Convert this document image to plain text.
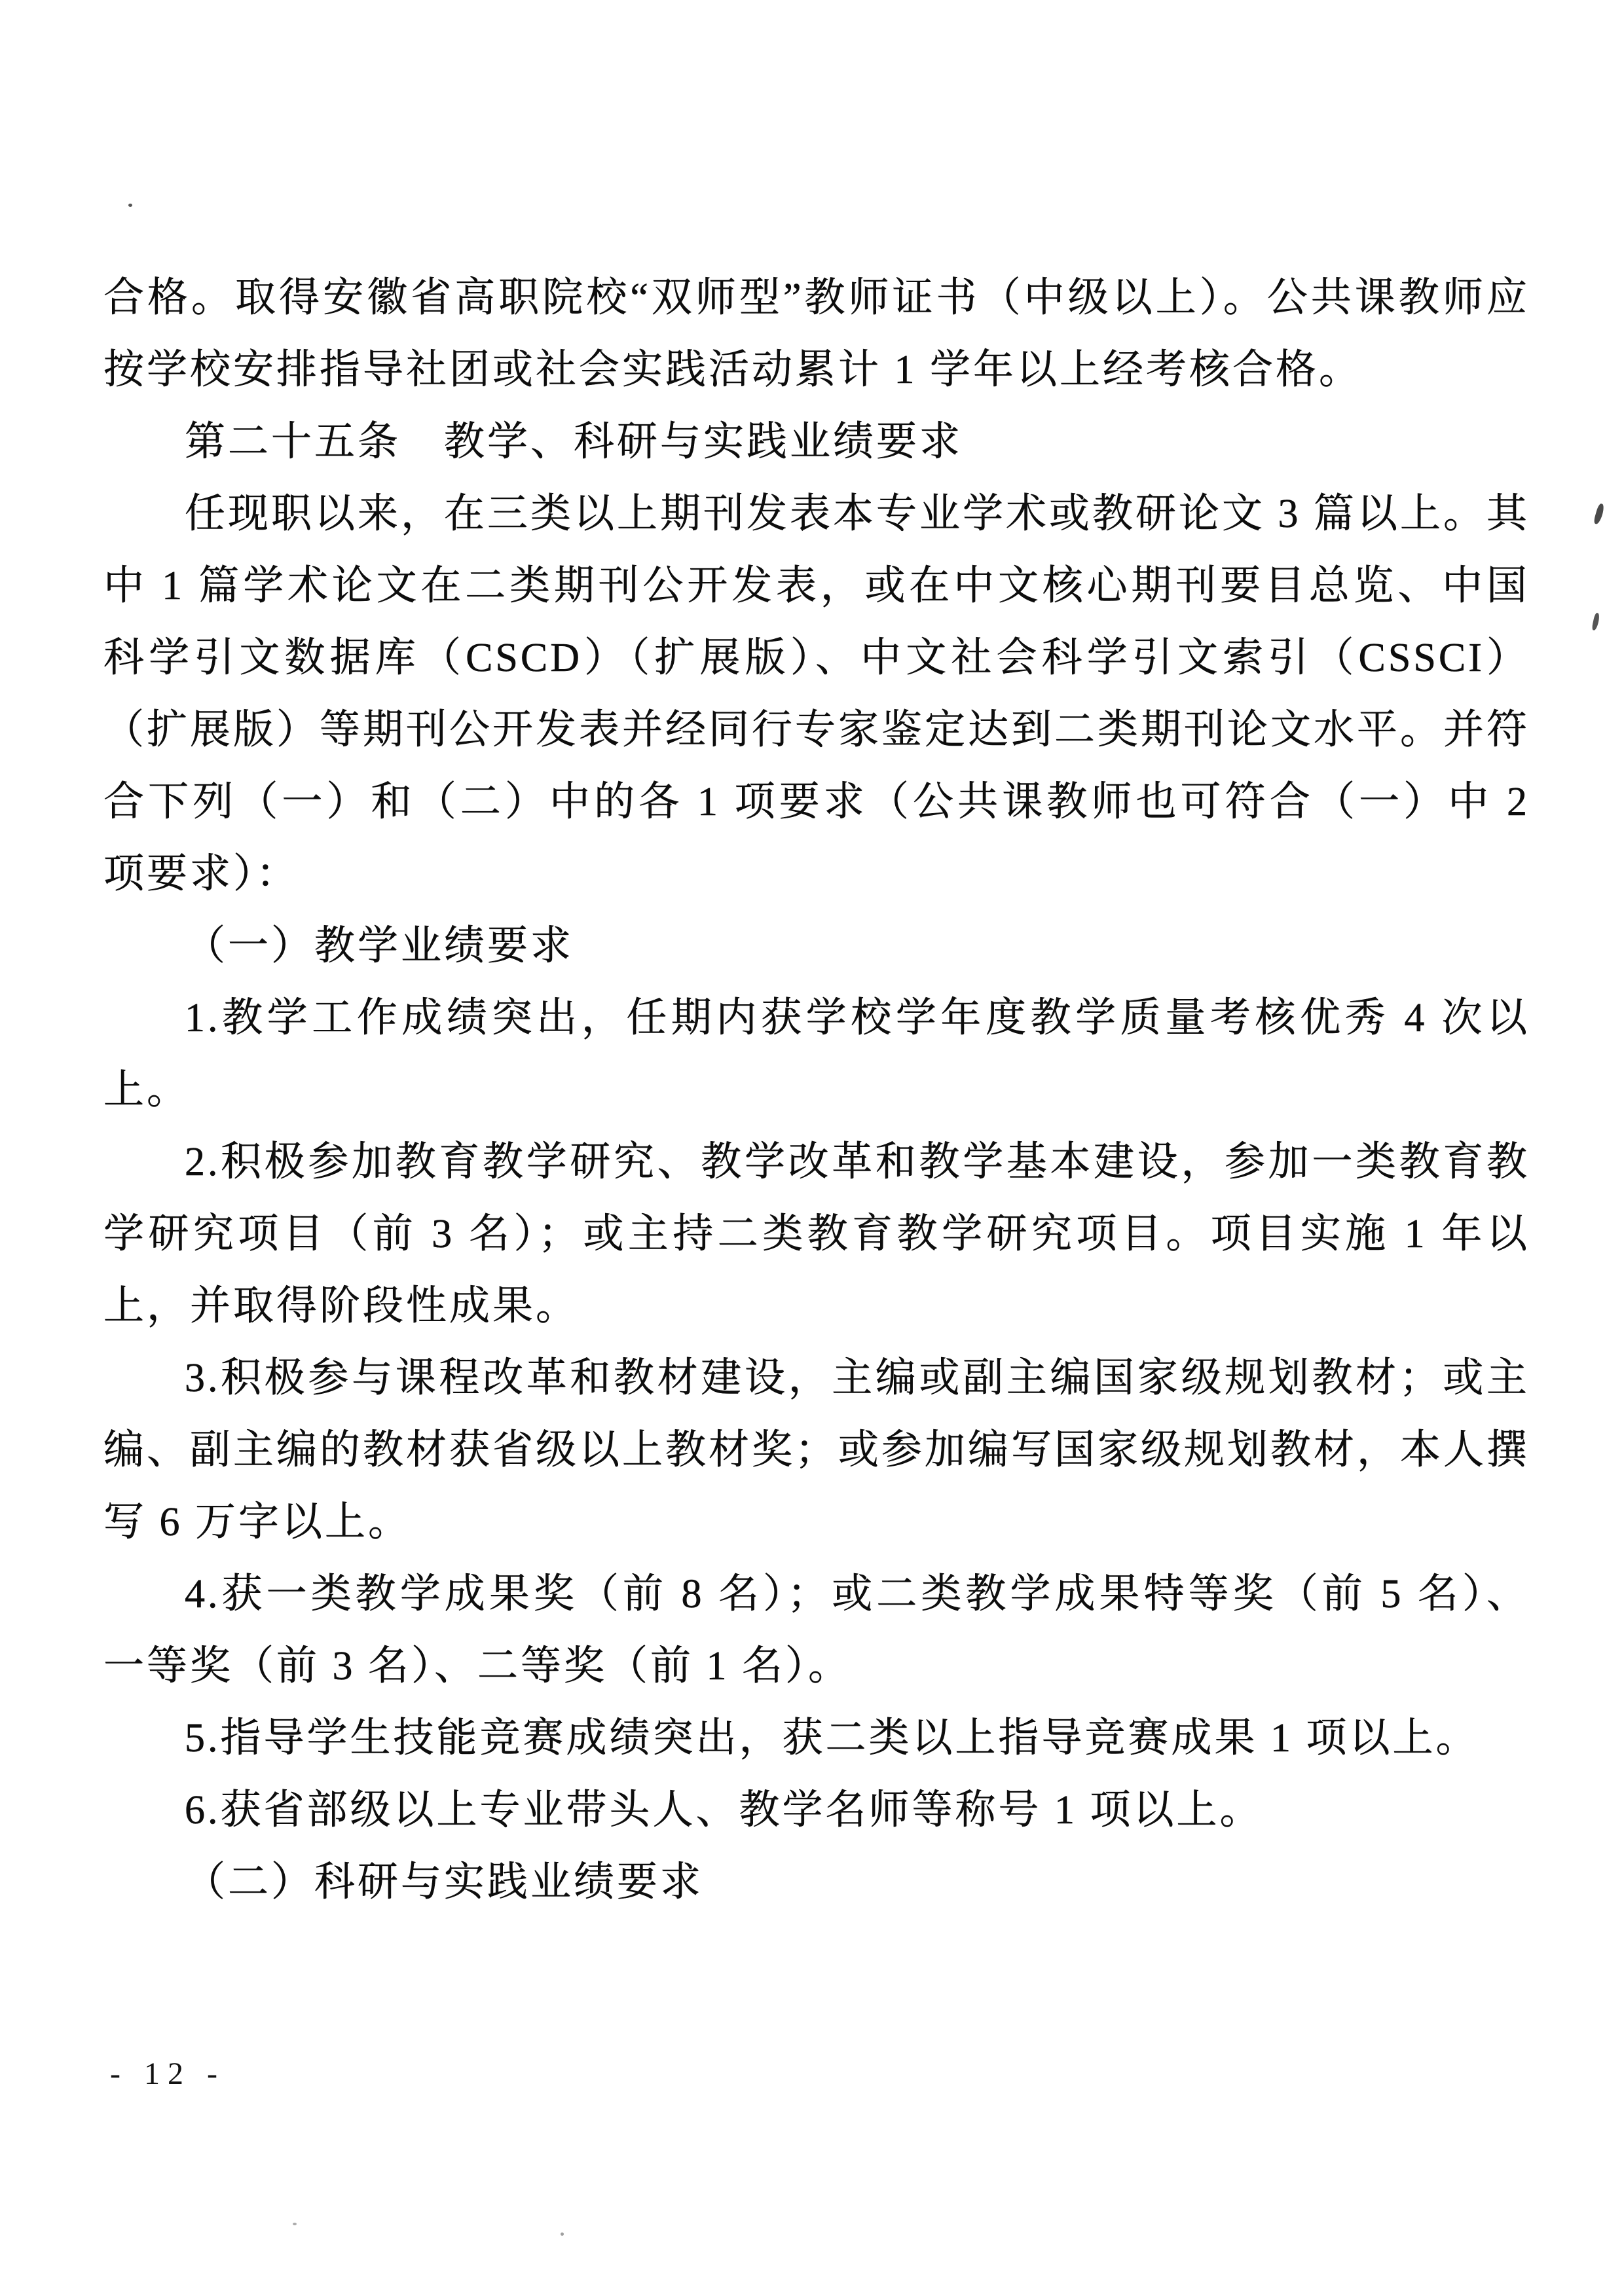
合格。取得安徽省高职院校“双师型”教师证书（中级以上）。公共课教师应按学校安排指导社团或社会实践活动累计 1 学年以上经考核合格。

第二十五条　教学、科研与实践业绩要求

任现职以来，在三类以上期刊发表本专业学术或教研论文 3 篇以上。其中 1 篇学术论文在二类期刊公开发表，或在中文核心期刊要目总览、中国科学引文数据库（CSCD）（扩展版）、中文社会科学引文索引（CSSCI）（扩展版）等期刊公开发表并经同行专家鉴定达到二类期刊论文水平。并符合下列（一）和（二）中的各 1 项要求（公共课教师也可符合（一）中 2 项要求）：

（一）教学业绩要求

1.教学工作成绩突出，任期内获学校学年度教学质量考核优秀 4 次以上。

2.积极参加教育教学研究、教学改革和教学基本建设，参加一类教育教学研究项目（前 3 名）；或主持二类教育教学研究项目。项目实施 1 年以上，并取得阶段性成果。

3.积极参与课程改革和教材建设，主编或副主编国家级规划教材；或主编、副主编的教材获省级以上教材奖；或参加编写国家级规划教材，本人撰写 6 万字以上。

4.获一类教学成果奖（前 8 名）；或二类教学成果特等奖（前 5 名）、一等奖（前 3 名）、二等奖（前 1 名）。

5.指导学生技能竞赛成绩突出，获二类以上指导竞赛成果 1 项以上。

6.获省部级以上专业带头人、教学名师等称号 1 项以上。

（二）科研与实践业绩要求

- 12 -
